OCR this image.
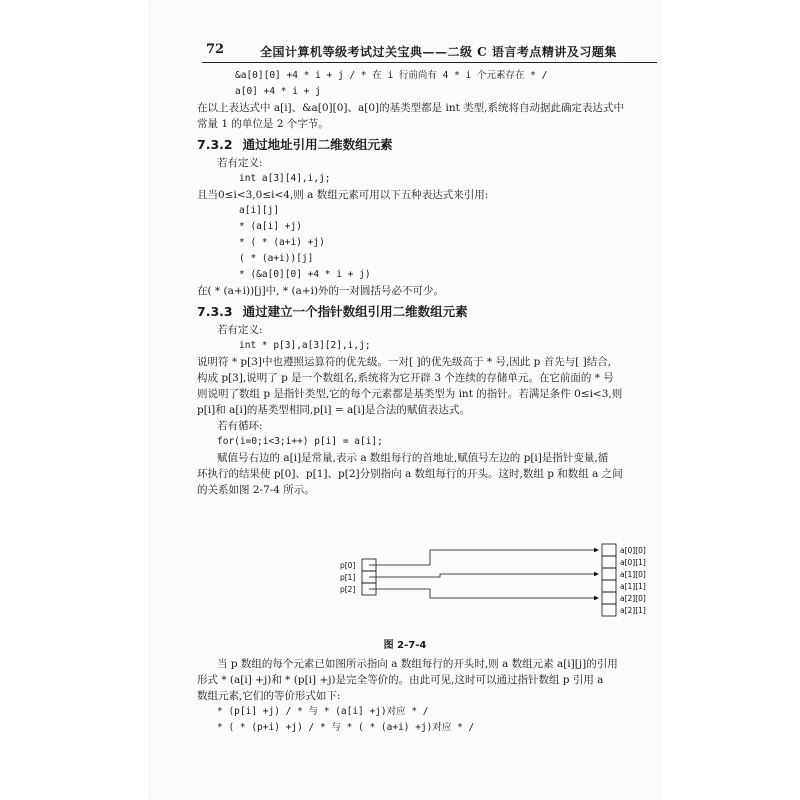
72	全国计算机等级考试过关宝典——二级 C 语言考点精讲及习题集
&a[0][0] +4 * i + j / * 在 i 行前尚有 4 * i 个元素存在 * /
a[0] +4 * i + j
在以上表达式中 a[i]、&a[0][0]、a[0]的基类型都是 int 类型,系统将自动据此确定表达式中
常量 1 的单位是 2 个字节。
7.3.2 通过地址引用二维数组元素
若有定义:
int a[3][4],i,j;
且当0≤i<3,0≤i<4,则 a 数组元素可用以下五种表达式来引用:
a[i][j]
* (a[i] +j)
* ( * (a+i) +j)
( * (a+i))[j]
* (&a[0][0] +4 * i + j)
在( * (a+i))[j]中, * (a+i)外的一对圆括号必不可少。
7.3.3 通过建立一个指针数组引用二维数组元素
若有定义:
int * p[3],a[3][2],i,j;
说明符 * p[3]中也遵照运算符的优先级。一对[ ]的优先级高于 * 号,因此 p 首先与[ ]结合,
构成 p[3],说明了 p 是一个数组名,系统将为它开辟 3 个连续的存储单元。在它前面的 * 号
则说明了数组 p 是指针类型,它的每个元素都是基类型为 int 的指针。若满足条件 0≤i<3,则
p[i]和 a[i]的基类型相同,p[i] = a[i]是合法的赋值表达式。
若有循环:
for(i=0;i<3;i++) p[i] = a[i];
赋值号右边的 a[i]是常量,表示 a 数组每行的首地址,赋值号左边的 p[i]是指针变量,循
环执行的结果使 p[0]、p[1]、p[2]分别指向 a 数组每行的开头。这时,数组 p 和数组 a 之间
的关系如图 2-7-4 所示。
p[0]
p[1]
p[2]
a[0][0]
a[0][1]
a[1][0]
a[1][1]
a[2][0]
a[2][1]
图 2-7-4
当 p 数组的每个元素已如图所示指向 a 数组每行的开头时,则 a 数组元素 a[i][j]的引用
形式 * (a[i] +j)和 * (p[i] +j)是完全等价的。由此可见,这时可以通过指针数组 p 引用 a
数组元素,它们的等价形式如下:
* (p[i] +j) / * 与 * (a[i] +j)对应 * /
* ( * (p+i) +j) / * 与 * ( * (a+i) +j)对应 * /
